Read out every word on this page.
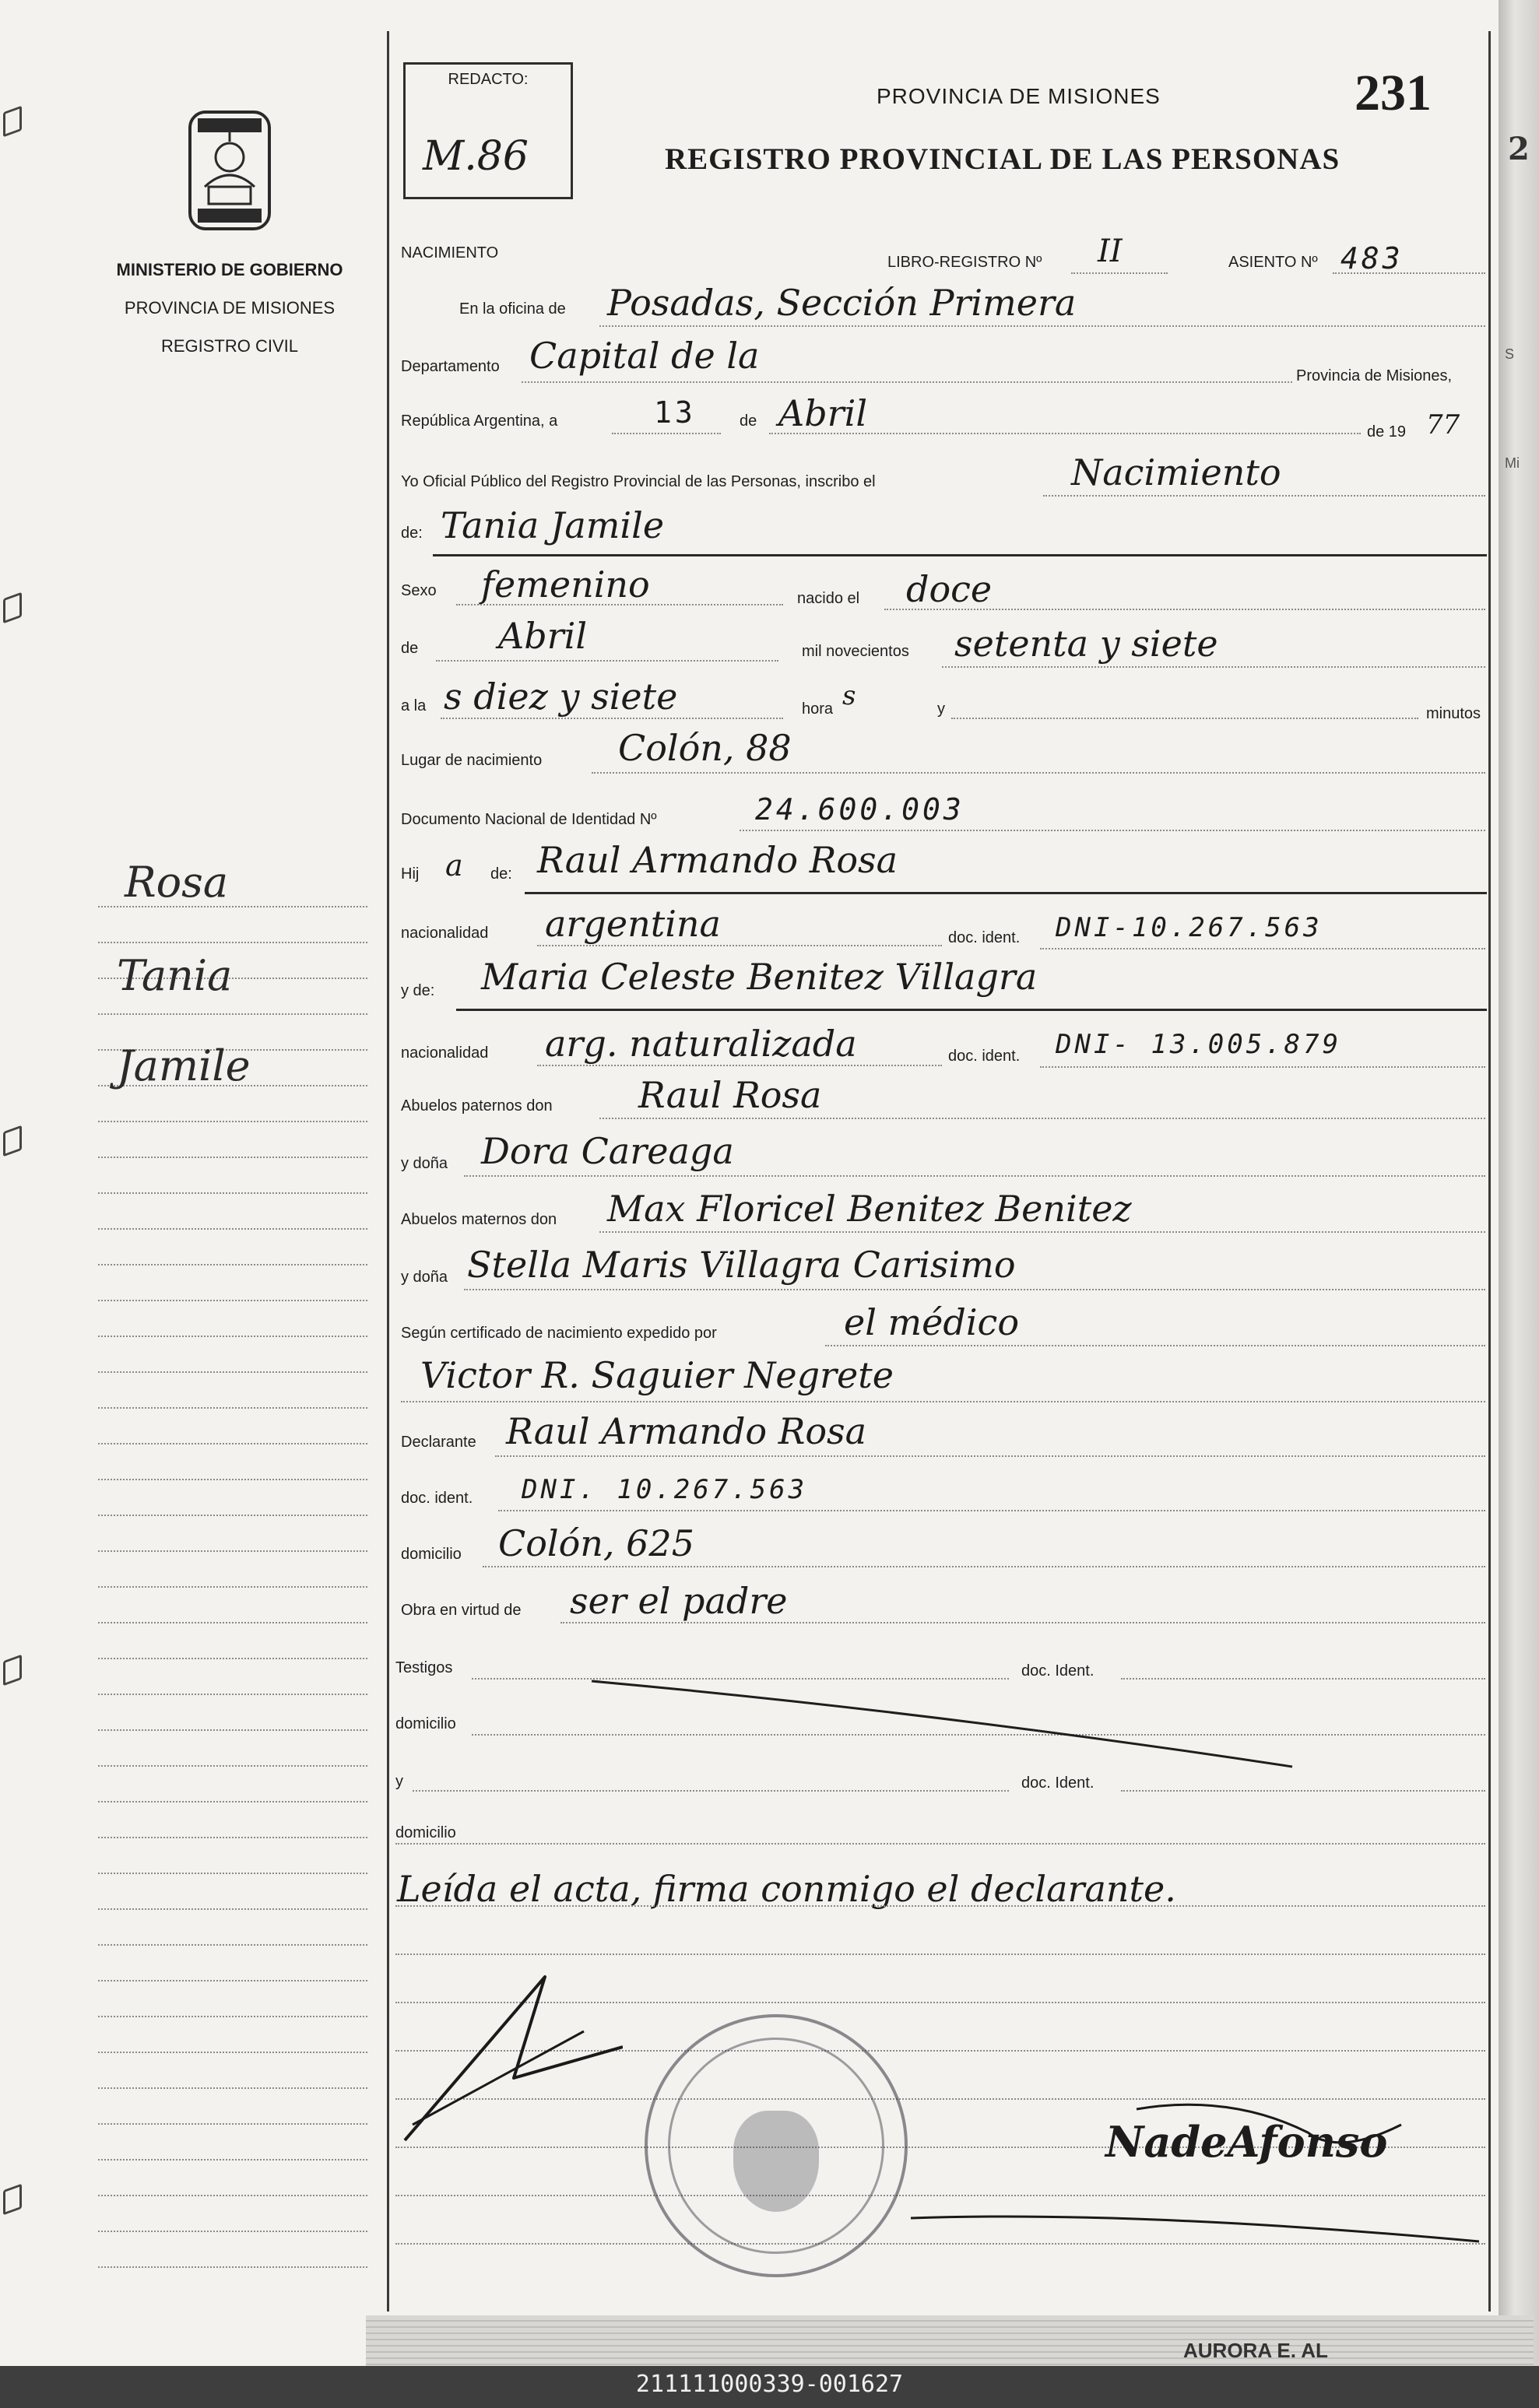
MINISTERIO DE GOBIERNO
PROVINCIA DE MISIONES
REGISTRO CIVIL
Rosa
Tania
Jamile
REDACTO:
M.86
PROVINCIA DE MISIONES
REGISTRO PROVINCIAL DE LAS PERSONAS
231
NACIMIENTO
LIBRO-REGISTRO Nº II	ASIENTO Nº 483
En la oficina de Posadas, Sección Primera
Departamento Capital de la	Provincia de Misiones,
República Argentina, a	13	de Abril	de 19 77
Yo Oficial Público del Registro Provincial de las Personas, inscribo el	Nacimiento
de: Tania Jamile
Sexo femenino	nacido el doce
de Abril	mil novecientos setenta y siete
a la s diez y siete	hora s	y	minutos
Lugar de nacimiento Colón, 88
Documento Nacional de Identidad Nº	24.600.003
Hij a de: Raul Armando Rosa
nacionalidad argentina	doc. ident. DNI-10.267.563
y de: Maria Celeste Benitez Villagra
nacionalidad arg. naturalizada	doc. ident. DNI- 13.005.879
Abuelos paternos don Raul Rosa
y doña Dora Careaga
Abuelos maternos don Max Floricel Benitez Benitez
y doña Stella Maris Villagra Carisimo
Según certificado de nacimiento expedido por	el médico
Victor R. Saguier Negrete
Declarante Raul Armando Rosa
doc. ident. DNI. 10.267.563
domicilio Colón, 625
Obra en virtud de ser el padre
Testigos	doc. Ident.
domicilio
y	doc. Ident.
domicilio
Leída el acta, firma conmigo el declarante.
NadeAfonso
2
S
Mi
AURORA E. AL
211111000339-001627
